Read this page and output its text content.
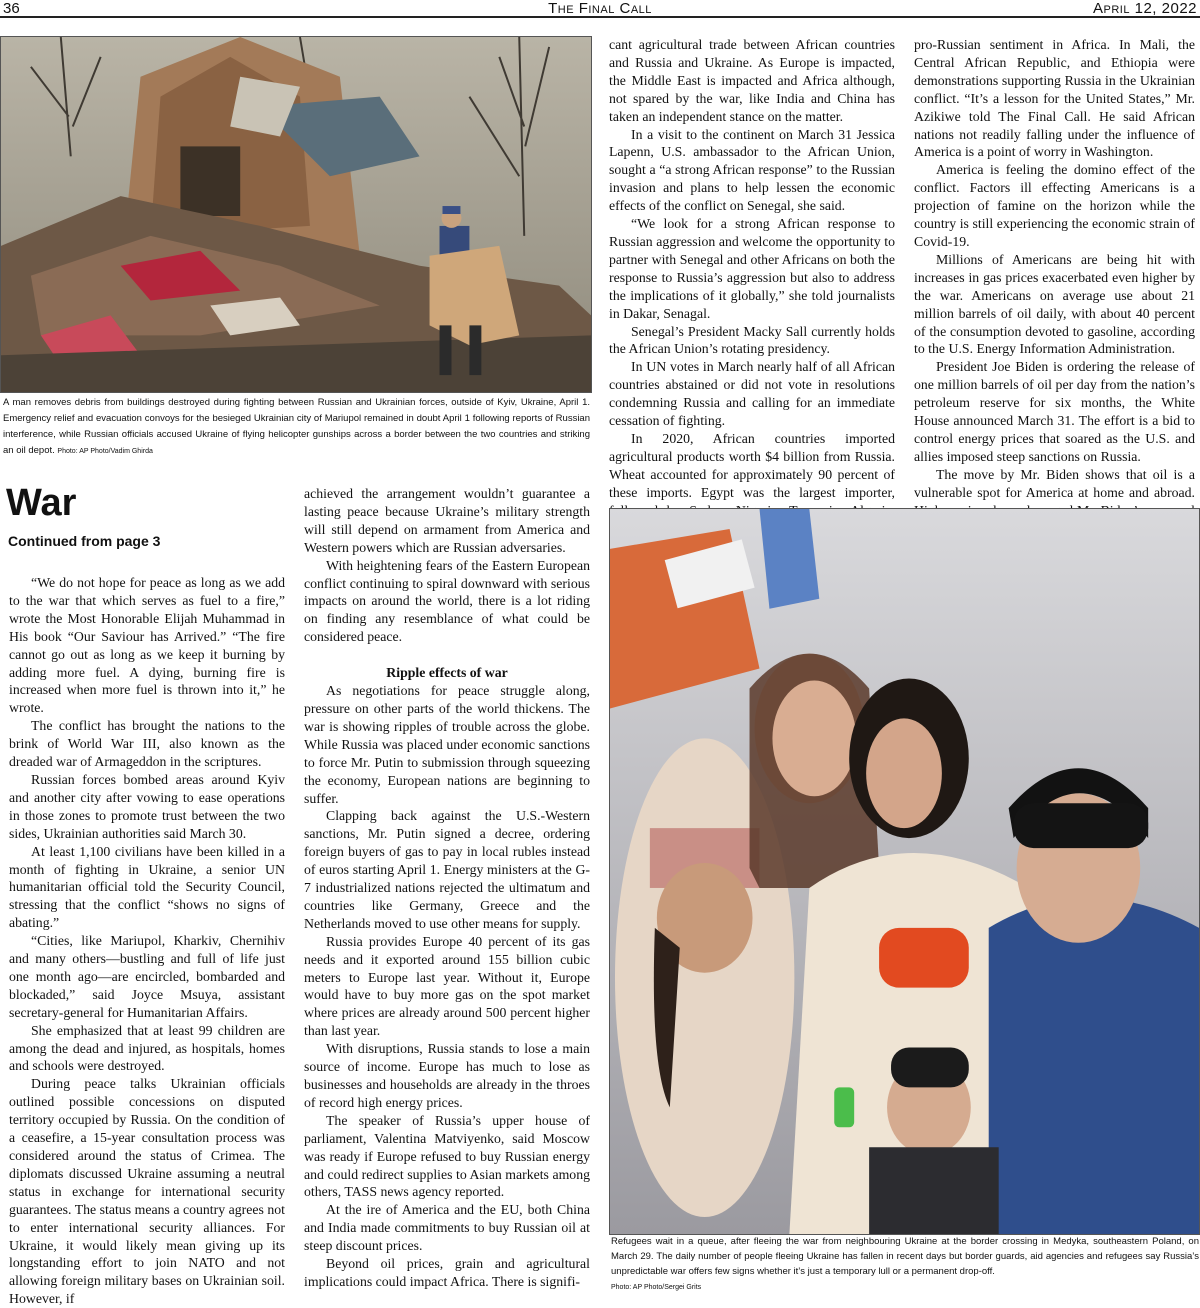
36	The Final Call	April 12, 2022
A man removes debris from buildings destroyed during fighting between Russian and Ukrainian forces, outside of Kyiv, Ukraine, April 1. Emergency relief and evacuation convoys for the besieged Ukrainian city of Mariupol remained in doubt April 1 following reports of Russian interference, while Russian officials accused Ukraine of flying helicopter gunships across a border between the two countries and striking an oil depot. Photo: AP Photo/Vadim Ghirda
War
Continued from page 3

“We do not hope for peace as long as we add to the war that which serves as fuel to a fire,” wrote the Most Honorable Elijah Muhammad in His book “Our Saviour has Arrived.” “The fire cannot go out as long as we keep it burning by adding more fuel. A dying, burning fire is increased when more fuel is thrown into it,” he wrote.

The conflict has brought the nations to the brink of World War III, also known as the dreaded war of Armageddon in the scriptures.

Russian forces bombed areas around Kyiv and another city after vowing to ease operations in those zones to promote trust between the two sides, Ukrainian authorities said March 30.

At least 1,100 civilians have been killed in a month of fighting in Ukraine, a senior UN humanitarian official told the Security Council, stressing that the conflict “shows no signs of abating.”

“Cities, like Mariupol, Kharkiv, Chernihiv and many others—bustling and full of life just one month ago—are encircled, bombarded and blockaded,” said Joyce Msuya, assistant secretary-general for Humanitarian Affairs.

She emphasized that at least 99 children are among the dead and injured, as hospitals, homes and schools were destroyed.

During peace talks Ukrainian officials outlined possible concessions on disputed territory occupied by Russia. On the condition of a ceasefire, a 15-year consultation process was considered around the status of Crimea. The diplomats discussed Ukraine assuming a neutral status in exchange for international security guarantees. The status means a country agrees not to enter international security alliances. For Ukraine, it would likely mean giving up its longstanding effort to join NATO and not allowing foreign military bases on Ukrainian soil. However, if

achieved the arrangement wouldn’t guarantee a lasting peace because Ukraine’s military strength will still depend on armament from America and Western powers which are Russian adversaries.

With heightening fears of the Eastern European conflict continuing to spiral downward with serious impacts on around the world, there is a lot riding on finding any resemblance of what could be considered peace.

Ripple effects of war

As negotiations for peace struggle along, pressure on other parts of the world thickens. The war is showing ripples of trouble across the globe. While Russia was placed under economic sanctions to force Mr. Putin to submission through squeezing the economy, European nations are beginning to suffer.

Clapping back against the U.S.-Western sanctions, Mr. Putin signed a decree, ordering foreign buyers of gas to pay in local rubles instead of euros starting April 1. Energy ministers at the G-7 industrialized nations rejected the ultimatum and countries like Germany, Greece and the Netherlands moved to use other means for supply.

Russia provides Europe 40 percent of its gas needs and it exported around 155 billion cubic meters to Europe last year. Without it, Europe would have to buy more gas on the spot market where prices are already around 500 percent higher than last year.

With disruptions, Russia stands to lose a main source of income. Europe has much to lose as businesses and households are already in the throes of record high energy prices.

The speaker of Russia’s upper house of parliament, Valentina Matviyenko, said Moscow was ready if Europe refused to buy Russian energy and could redirect supplies to Asian markets among others, TASS news agency reported.

At the ire of America and the EU, both China and India made commitments to buy Russian oil at steep discount prices.

Beyond oil prices, grain and agricultural implications could impact Africa. There is signifi-

cant agricultural trade between African countries and Russia and Ukraine. As Europe is impacted, the Middle East is impacted and Africa although, not spared by the war, like India and China has taken an independent stance on the matter.

In a visit to the continent on March 31 Jessica Lapenn, U.S. ambassador to the African Union, sought a “a strong African response” to the Russian invasion and plans to help lessen the economic effects of the conflict on Senegal, she said.

“We look for a strong African response to Russian aggression and welcome the opportunity to partner with Senegal and other Africans on both the response to Russia’s aggression but also to address the implications of it globally,” she told journalists in Dakar, Senagal.

Senegal’s President Macky Sall currently holds the African Union’s rotating presidency.

In UN votes in March nearly half of all African countries abstained or did not vote in resolutions condemning Russia and calling for an immediate cessation of fighting.

In 2020, African countries imported agricultural products worth $4 billion from Russia. Wheat accounted for approximately 90 percent of these imports. Egypt was the largest importer,

pro-Russian sentiment in Africa. In Mali, the Central African Republic, and Ethiopia were demonstrations supporting Russia in the Ukrainian conflict. “It’s a lesson for the United States,” Mr. Azikiwe told The Final Call. He said African nations not readily falling under the influence of America is a point of worry in Washington.

America is feeling the domino effect of the conflict. Factors ill effecting Americans is a projection of famine on the horizon while the country is still experiencing the economic strain of Covid-19.

Millions of Americans are being hit with increases in gas prices exacerbated even higher by the war. Americans on average use about 21 million barrels of oil daily, with about 40 percent of the consumption devoted to gasoline, according to the U.S. Energy Information Administration.

President Joe Biden is ordering the release of one million barrels of oil per day from the nation’s petroleum reserve for six months, the White House announced March 31. The effort is a bid to control energy prices that soared as the U.S. and allies imposed steep sanctions on Russia.

The move by Mr. Biden shows that oil is a vulnerable spot for America at home and abroad.

Refugees wait in a queue, after fleeing the war from neighbouring Ukraine at the border crossing in Medyka, southeastern Poland, on March 29. The daily number of people fleeing Ukraine has fallen in recent days but border guards, aid agencies and refugees say Russia’s unpredictable war offers few signs whether it’s just a temporary lull or a permanent drop-off.
Photo: AP Photo/Sergei Grits
